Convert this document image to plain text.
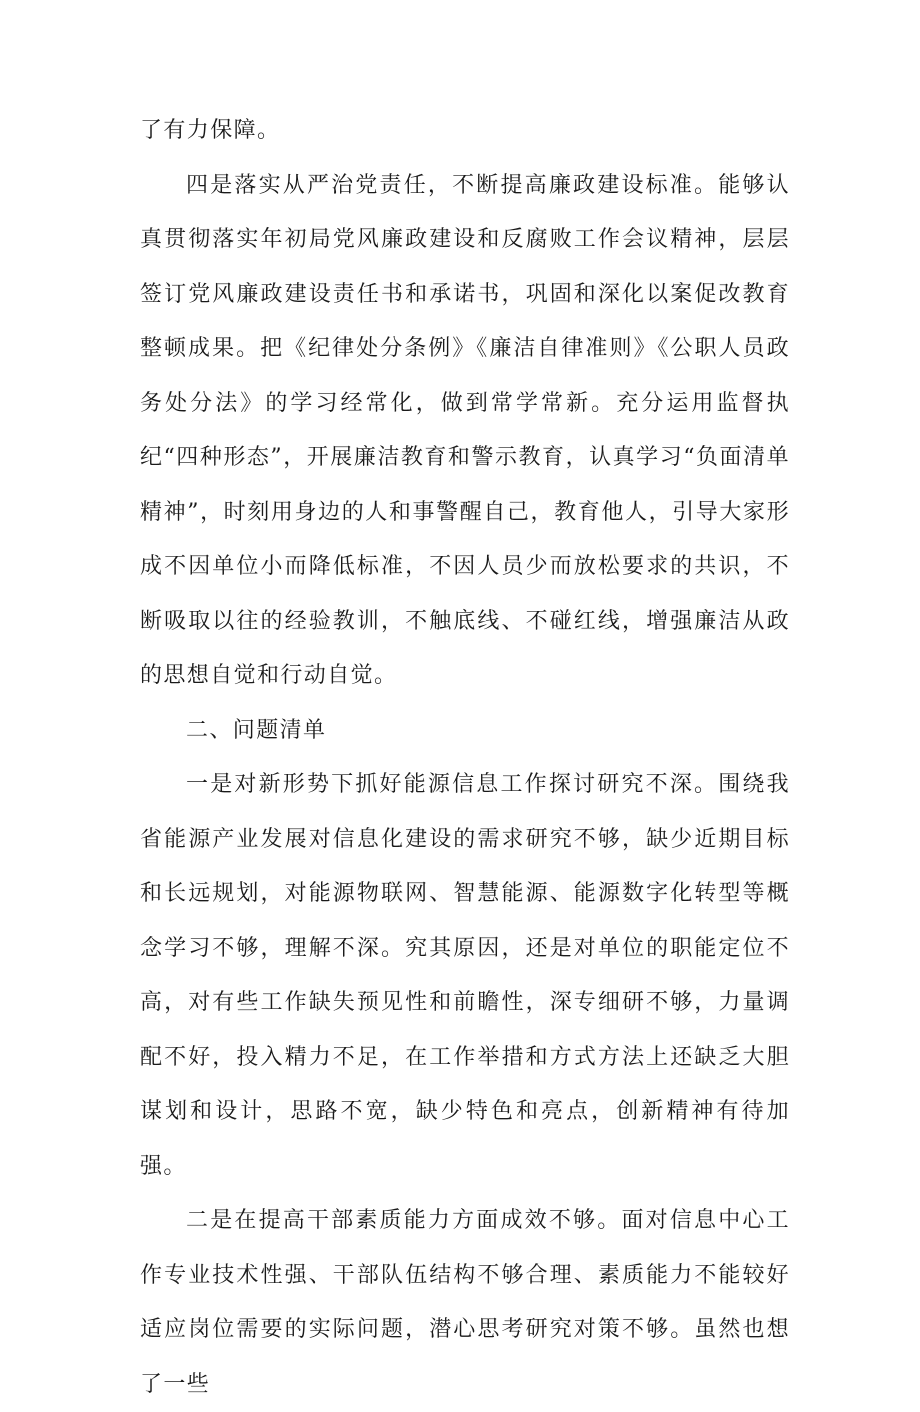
了有力保障。

四是落实从严治党责任，不断提高廉政建设标准。能够认真贯彻落实年初局党风廉政建设和反腐败工作会议精神，层层签订党风廉政建设责任书和承诺书，巩固和深化以案促改教育整顿成果。把《纪律处分条例》《廉洁自律准则》《公职人员政务处分法》的学习经常化，做到常学常新。充分运用监督执纪“四种形态”，开展廉洁教育和警示教育，认真学习“负面清单精神”，时刻用身边的人和事警醒自己，教育他人，引导大家形成不因单位小而降低标准，不因人员少而放松要求的共识，不断吸取以往的经验教训，不触底线、不碰红线，增强廉洁从政的思想自觉和行动自觉。

二、问题清单

一是对新形势下抓好能源信息工作探讨研究不深。围绕我省能源产业发展对信息化建设的需求研究不够，缺少近期目标和长远规划，对能源物联网、智慧能源、能源数字化转型等概念学习不够，理解不深。究其原因，还是对单位的职能定位不高，对有些工作缺失预见性和前瞻性，深专细研不够，力量调配不好，投入精力不足，在工作举措和方式方法上还缺乏大胆谋划和设计，思路不宽，缺少特色和亮点，创新精神有待加强。

二是在提高干部素质能力方面成效不够。面对信息中心工作专业技术性强、干部队伍结构不够合理、素质能力不能较好适应岗位需要的实际问题，潜心思考研究对策不够。虽然也想了一些
